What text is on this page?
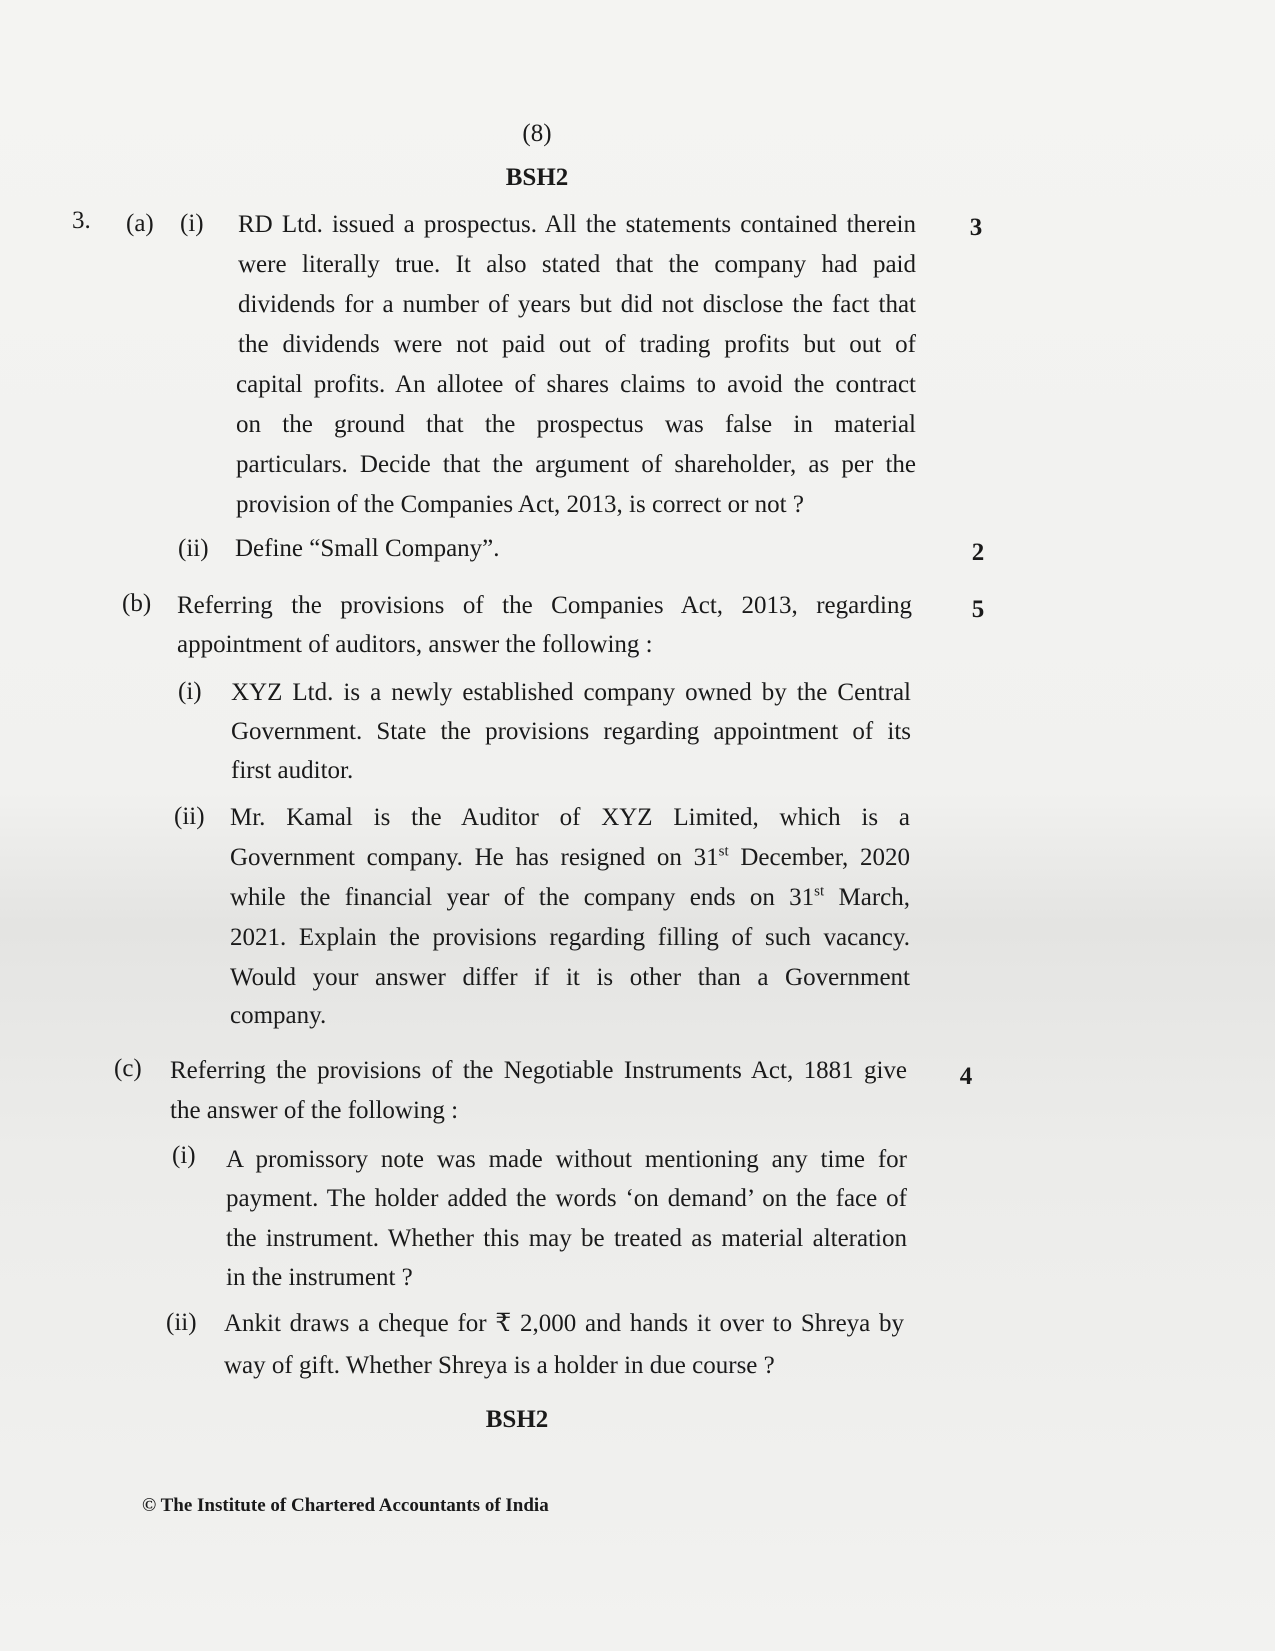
(8)
BSH2
3. (a) (i)	3
RD Ltd. issued a prospectus. All the statements contained therein
were literally true. It also stated that the company had paid
dividends for a number of years but did not disclose the fact that
the dividends were not paid out of trading profits but out of
capital profits. An allotee of shares claims to avoid the contract
on the ground that the prospectus was false in material
particulars. Decide that the argument of shareholder, as per the
provision of the Companies Act, 2013, is correct or not ?
(ii) Define “Small Company”.	2
(b)	5
Referring the provisions of the Companies Act, 2013, regarding
appointment of auditors, answer the following :
(i) XYZ Ltd. is a newly established company owned by the Central
Government. State the provisions regarding appointment of its
first auditor.
(ii) Mr. Kamal is the Auditor of XYZ Limited, which is a
Government company. He has resigned on 31st December, 2020
while the financial year of the company ends on 31st March,
2021. Explain the provisions regarding filling of such vacancy.
Would your answer differ if it is other than a Government
company.
(c)	4
Referring the provisions of the Negotiable Instruments Act, 1881 give
the answer of the following :
(i) A promissory note was made without mentioning any time for
payment. The holder added the words ‘on demand’ on the face of
the instrument. Whether this may be treated as material alteration
in the instrument ?
(ii) Ankit draws a cheque for ₹ 2,000 and hands it over to Shreya by
way of gift. Whether Shreya is a holder in due course ?
BSH2
© The Institute of Chartered Accountants of India
